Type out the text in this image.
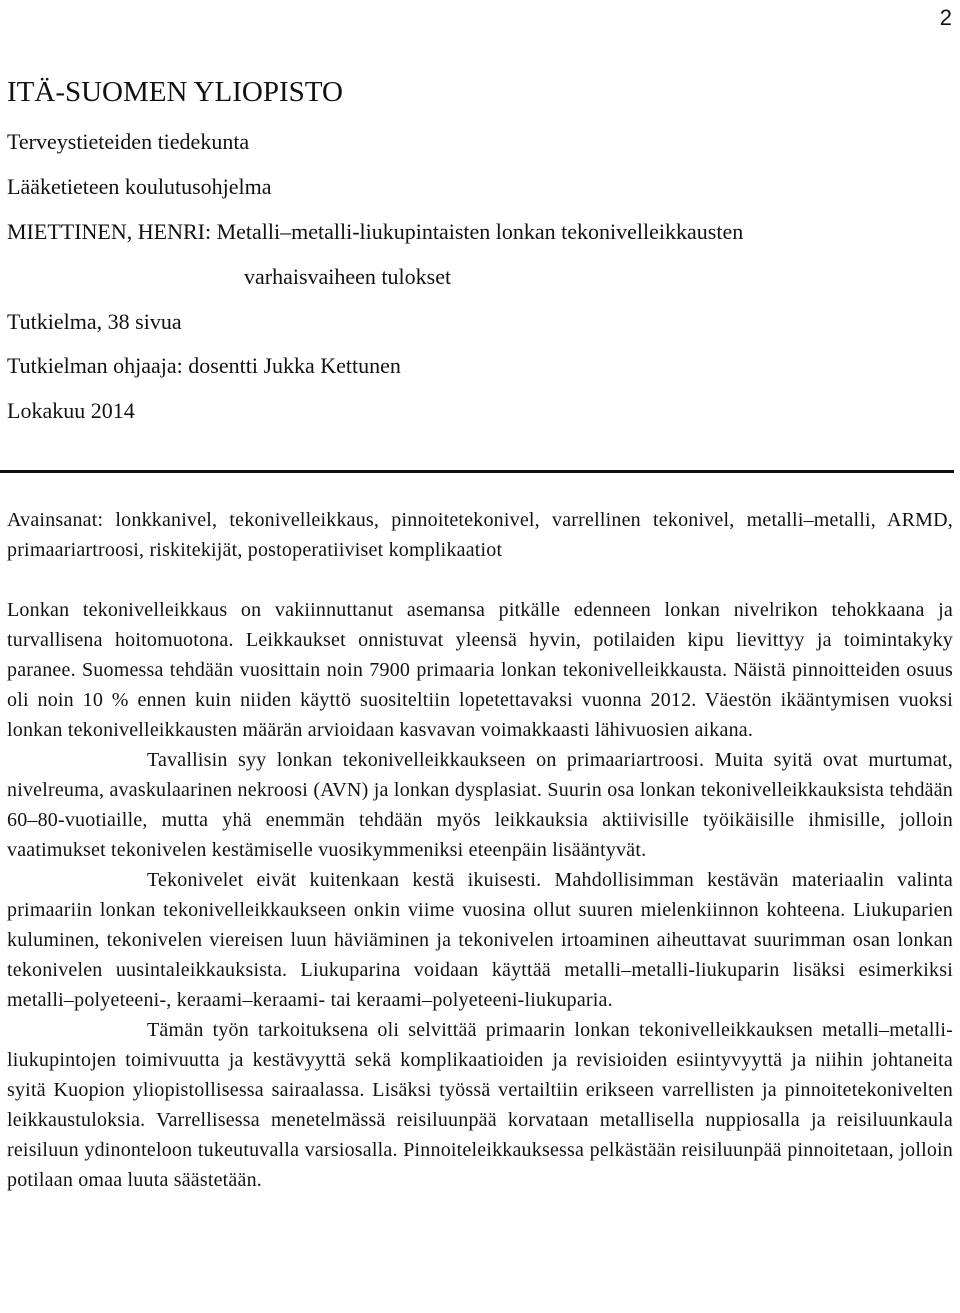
2
ITÄ-SUOMEN YLIOPISTO
Terveystieteiden tiedekunta
Lääketieteen koulutusohjelma
MIETTINEN, HENRI: Metalli–metalli-liukupintaisten lonkan tekonivelleikkausten
varhaisvaiheen tulokset
Tutkielma, 38 sivua
Tutkielman ohjaaja: dosentti Jukka Kettunen
Lokakuu 2014

Avainsanat: lonkkanivel, tekonivelleikkaus, pinnoitetekonivel, varrellinen tekonivel, metalli–metalli, ARMD, primaariartroosi, riskitekijät, postoperatiiviset komplikaatiot

Lonkan tekonivelleikkaus on vakiinnuttanut asemansa pitkälle edenneen lonkan nivelrikon tehokkaana ja turvallisena hoitomuotona. Leikkaukset onnistuvat yleensä hyvin, potilaiden kipu lievittyy ja toimintakyky paranee. Suomessa tehdään vuosittain noin 7900 primaaria lonkan tekonivelleikkausta. Näistä pinnoitteiden osuus oli noin 10 % ennen kuin niiden käyttö suositeltiin lopetettavaksi vuonna 2012. Väestön ikääntymisen vuoksi lonkan tekonivelleikkausten määrän arvioidaan kasvavan voimakkaasti lähivuosien aikana.

Tavallisin syy lonkan tekonivelleikkaukseen on primaariartroosi. Muita syitä ovat murtumat, nivelreuma, avaskulaarinen nekroosi (AVN) ja lonkan dysplasiat. Suurin osa lonkan tekonivelleikkauksista tehdään 60–80-vuotiaille, mutta yhä enemmän tehdään myös leikkauksia aktiivisille työikäisille ihmisille, jolloin vaatimukset tekonivelen kestämiselle vuosikymmeniksi eteenpäin lisääntyvät.

Tekonivelet eivät kuitenkaan kestä ikuisesti. Mahdollisimman kestävän materiaalin valinta primaariin lonkan tekonivelleikkaukseen onkin viime vuosina ollut suuren mielenkiinnon kohteena. Liukuparien kuluminen, tekonivelen viereisen luun häviäminen ja tekonivelen irtoaminen aiheuttavat suurimman osan lonkan tekonivelen uusintaleikkauksista. Liukuparina voidaan käyttää metalli–metalli-liukuparin lisäksi esimerkiksi metalli–polyeteeni-, keraami–keraami- tai keraami–polyeteeni-liukuparia.

Tämän työn tarkoituksena oli selvittää primaarin lonkan tekonivelleikkauksen metalli–metalli-liukupintojen toimivuutta ja kestävyyttä sekä komplikaatioiden ja revisioiden esiintyvyyttä ja niihin johtaneita syitä Kuopion yliopistollisessa sairaalassa. Lisäksi työssä vertailtiin erikseen varrellisten ja pinnoitetekonivelten leikkaustuloksia. Varrellisessa menetelmässä reisiluunpää korvataan metallisella nuppiosalla ja reisiluunkaula reisiluun ydinonteloon tukeutuvalla varsiosalla. Pinnoiteleikkauksessa pelkästään reisiluunpää pinnoitetaan, jolloin potilaan omaa luuta säästetään.
